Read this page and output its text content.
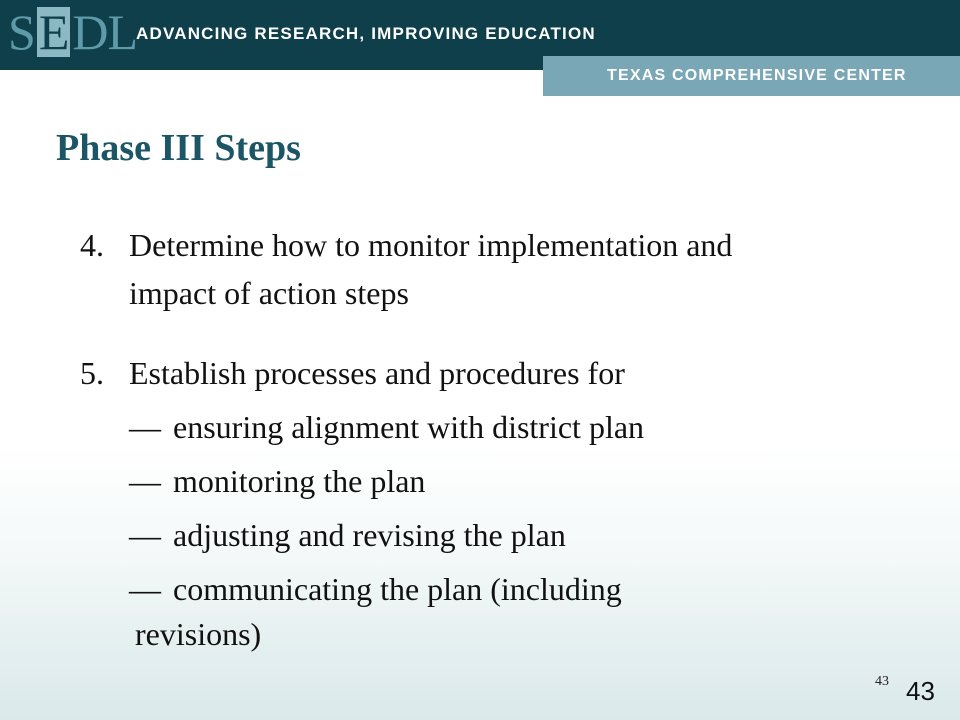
S E D L
ADVANCING RESEARCH, IMPROVING EDUCATION
TEXAS COMPREHENSIVE CENTER
Phase III Steps
4. Determine how to monitor implementation and
impact of action steps
5. Establish processes and procedures for
— ensuring alignment with district plan
— monitoring the plan
— adjusting and revising the plan
— communicating the plan (including
revisions)
43 43
